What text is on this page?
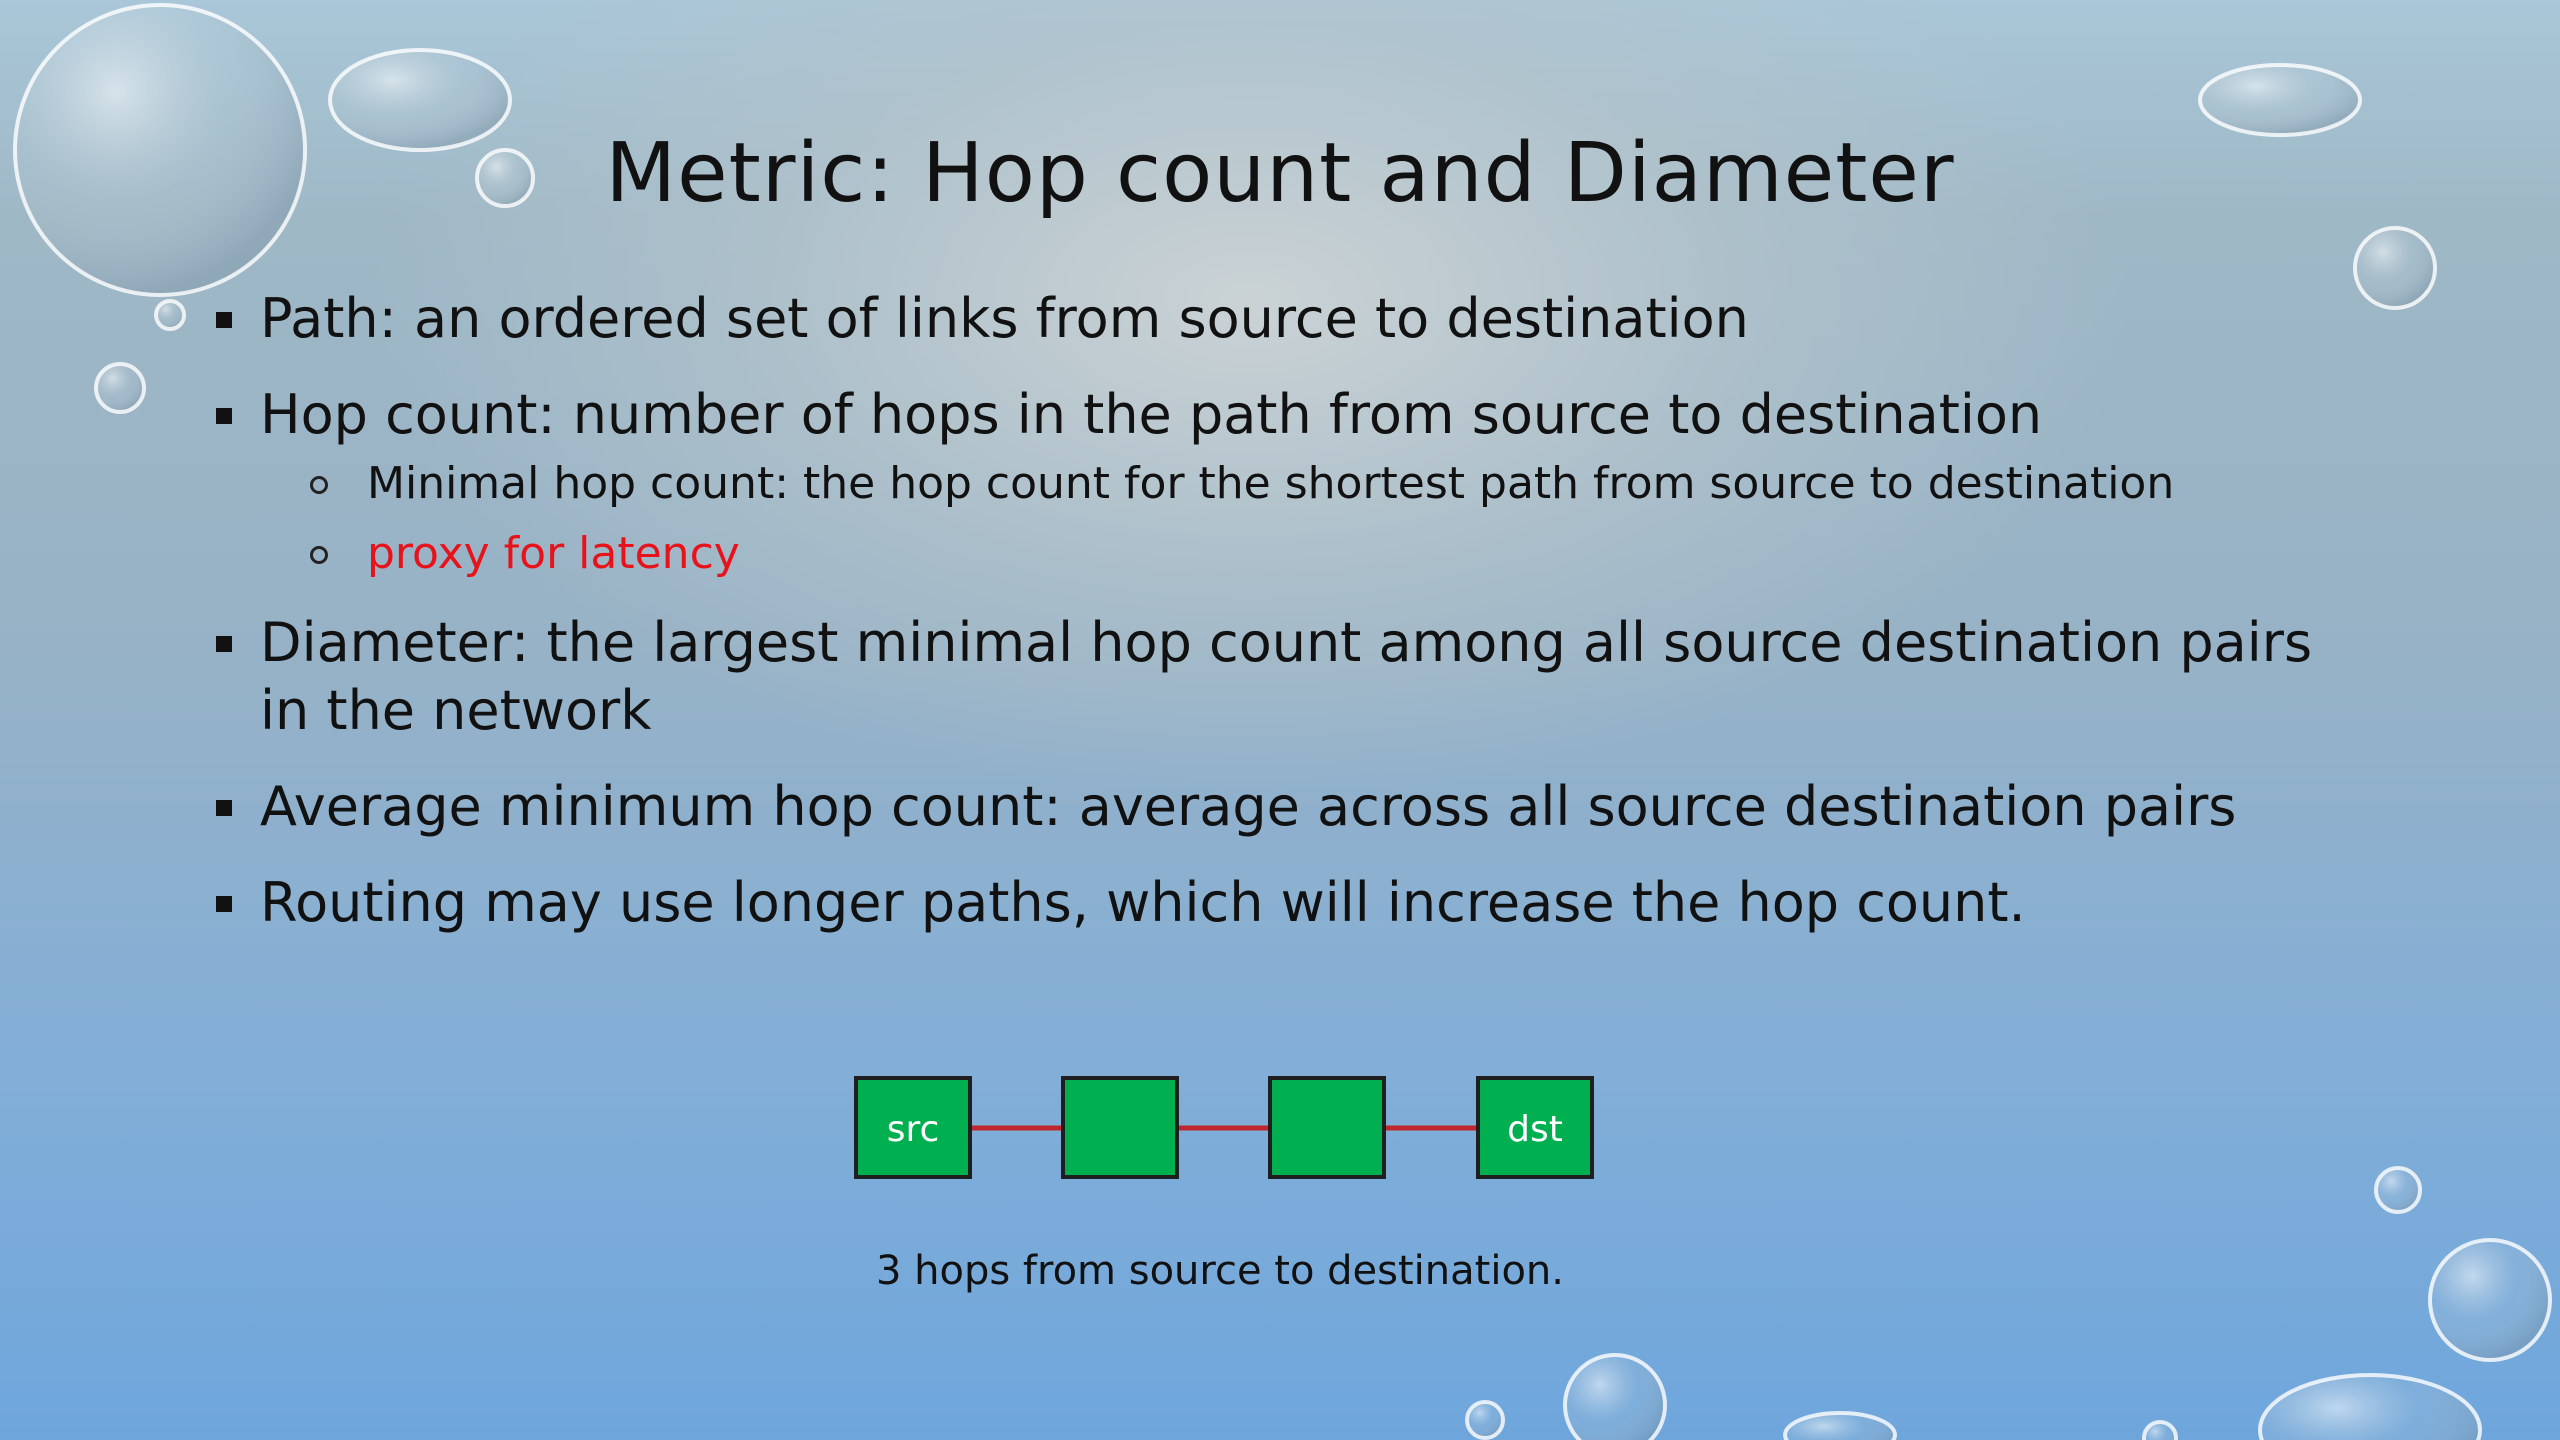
Metric: Hop count and Diameter
Path: an ordered set of links from source to destination
Hop count: number of hops in the path from source to destination
Minimal hop count: the hop count for the shortest path from source to destination
proxy for latency
Diameter: the largest minimal hop count among all source destination pairs in the network
Average minimum hop count: average across all source destination pairs
Routing may use longer paths, which will increase the hop count.
src	dst
3 hops from source to destination.
